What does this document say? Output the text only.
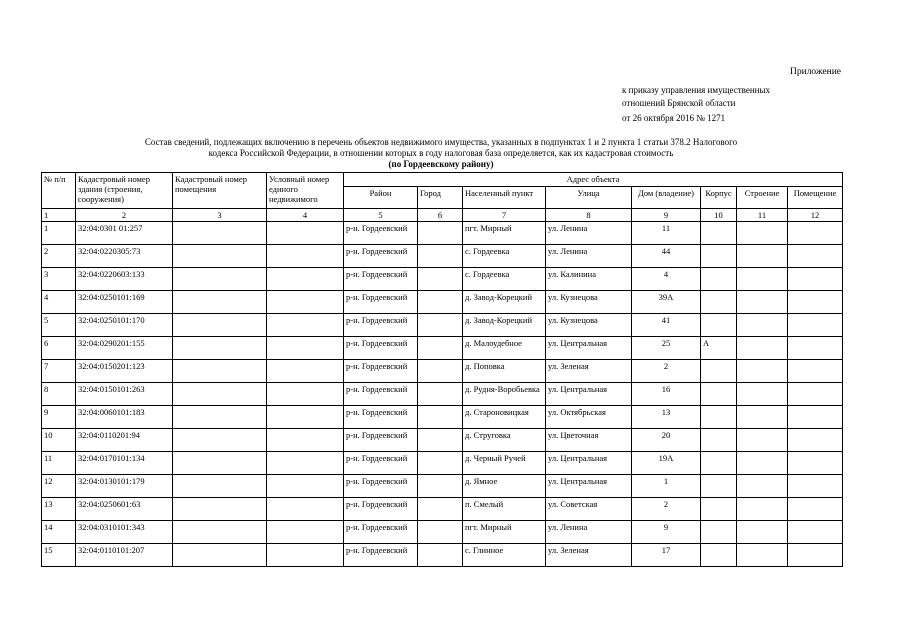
Приложение
к приказу управления имущественных
отношений Брянской области
от 26 октября 2016 № 1271
Состав сведений, подлежащих включению в перечень объектов недвижимого имущества, указанных в подпунктах 1 и 2 пункта 1 статьи 378.2 Налогового
кодекса Российской Федерации, в отношении которых в году налоговая база определяется, как их кадастровая стоимость
(по Гордеевскому району)
№ п/п	Кадастровый номер здания (строения, сооружения)	Кадастровый номер помещения	Условный номер единого недвижимого	Адрес объекта							
				Район	Город	Населенный пункт	Улица	Дом (владение)	Корпус	Строение	Помещение
1	2	3	4	5	6	7	8	9	10	11	12
1	32:04:0301 01:257			р-н. Гордеевский		пгт. Мирный	ул. Ленина	11			
2	32:04:0220305:73			р-н. Гордеевский		с. Гордеевка	ул. Ленина	44			
3	32:04:0220603:133			р-н. Гордеевский		с. Гордеевка	ул. Калинина	4			
4	32:04:0250101:169			р-н. Гордеевский		д. Завод-Корецкий	ул. Кузнецова	39А			
5	32:04:0250101:170			р-н. Гордеевский		д. Завод-Корецкий	ул. Кузнецова	41			
6	32:04:0290201:155			р-н. Гордеевский		д. Малоудебное	ул. Центральная	25	А		
7	32:04:0150201:123			р-н. Гордеевский		д. Поповка	ул. Зеленая	2			
8	32:04:0150101:263			р-н. Гордеевский		д. Рудня-Воробьевка	ул. Центральная	16			
9	32:04:0060101:183			р-н. Гордеевский		д. Староновицкая	ул. Октябрьская	13			
10	32:04:0110201:94			р-н. Гордеевский		д. Струговка	ул. Цветочная	20			
11	32:04:0170101:134			р-н. Гордеевский		д. Черный Ручей	ул. Центральная	19А			
12	32:04:0130101:179			р-н. Гордеевский		д. Ямное	ул. Центральная	1			
13	32:04:0250601:63			р-н. Гордеевский		п. Смелый	ул. Советская	2			
14	32:04:0310101:343			р-н. Гордеевский		пгт. Мирный	ул. Ленина	9			
15	32:04:0110101:207			р-н. Гордеевский		с. Глинное	ул. Зеленая	17			
